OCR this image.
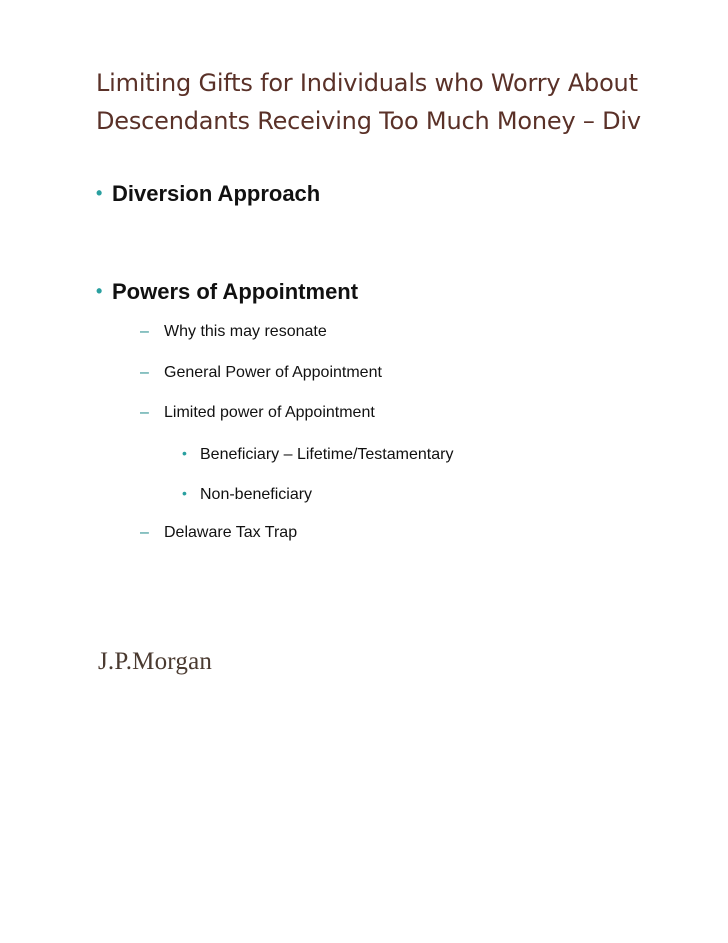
Limiting Gifts for Individuals who Worry About
Descendants Receiving Too Much Money – Div
• Diversion Approach
• Powers of Appointment
– Why this may resonate
– General Power of Appointment
– Limited power of Appointment
• Beneficiary – Lifetime/Testamentary
• Non-beneficiary
– Delaware Tax Trap
J.P.Morgan
